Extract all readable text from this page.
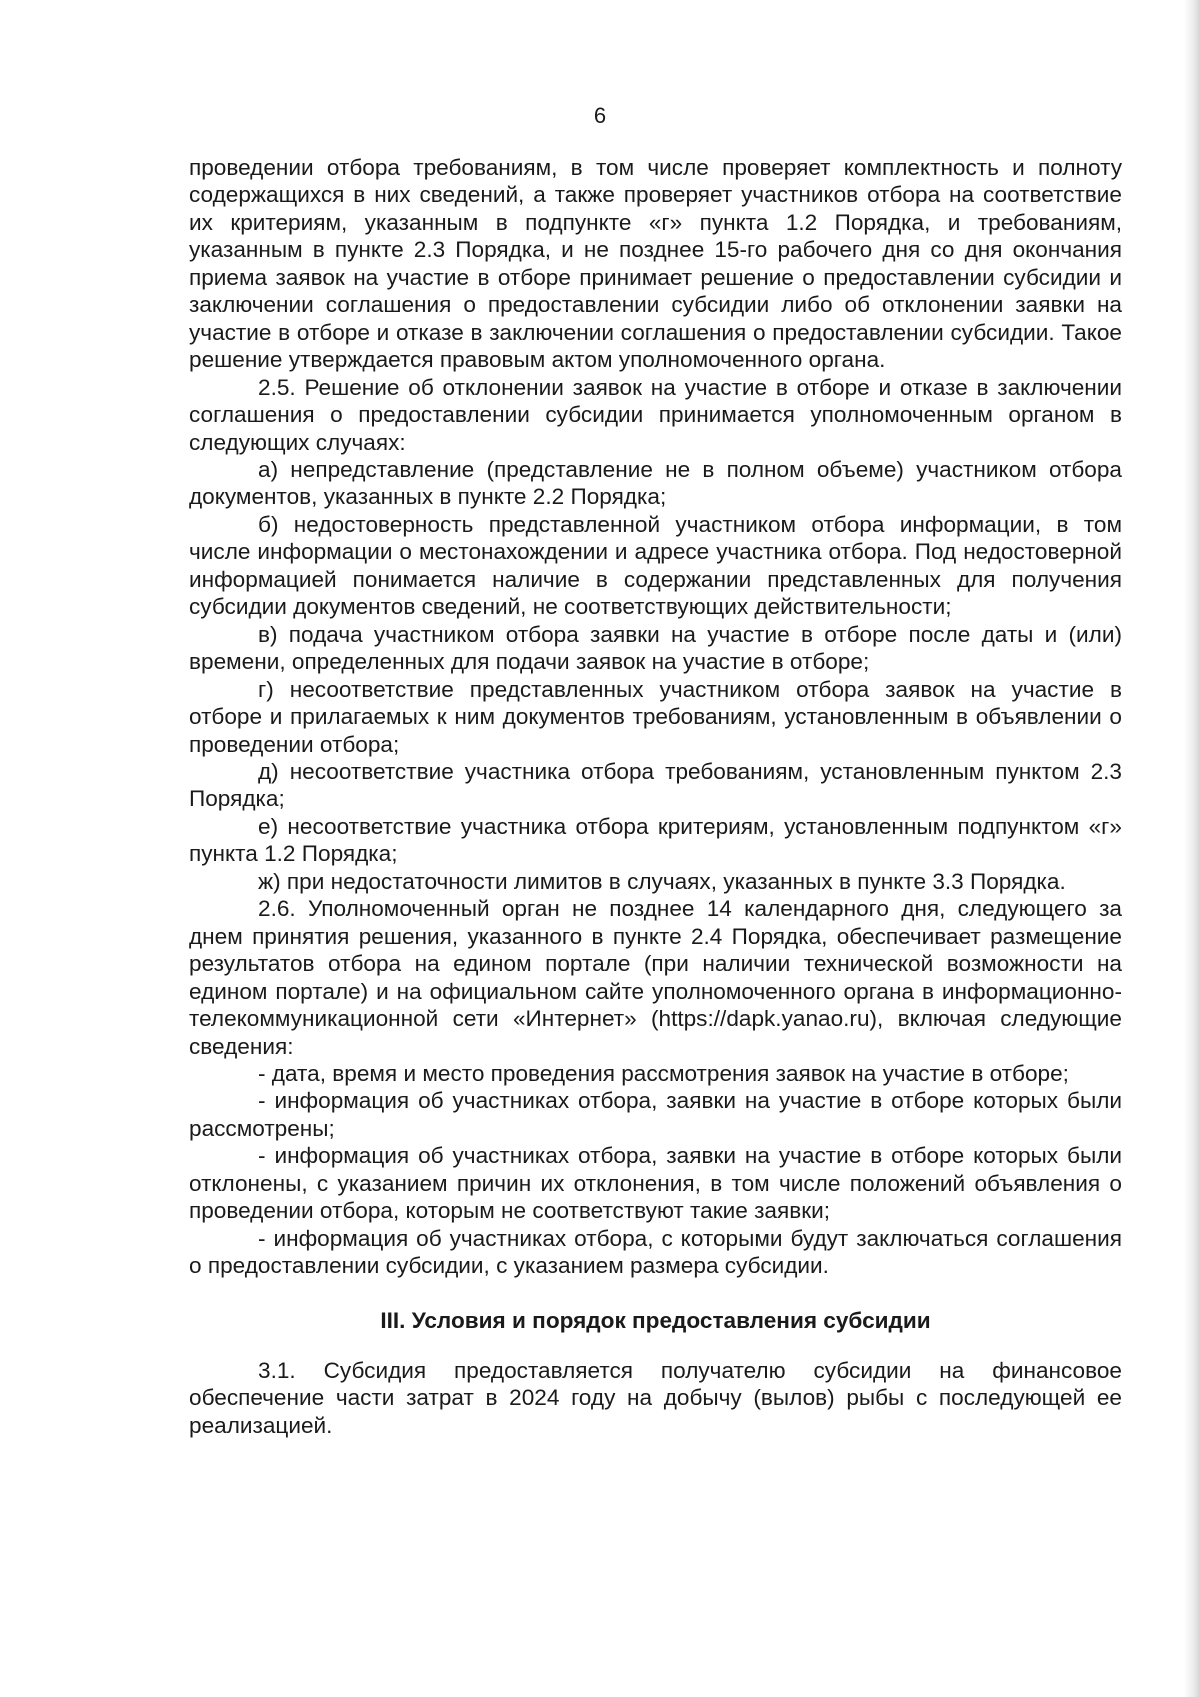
6

проведении отбора требованиям, в том числе проверяет комплектность и полноту содержащихся в них сведений, а также проверяет участников отбора на соответствие их критериям, указанным в подпункте «г» пункта 1.2 Порядка, и требованиям, указанным в пункте 2.3 Порядка, и не позднее 15-го рабочего дня со дня окончания приема заявок на участие в отборе принимает решение о предоставлении субсидии и заключении соглашения о предоставлении субсидии либо об отклонении заявки на участие в отборе и отказе в заключении соглашения о предоставлении субсидии. Такое решение утверждается правовым актом уполномоченного органа.

2.5. Решение об отклонении заявок на участие в отборе и отказе в заключении соглашения о предоставлении субсидии принимается уполномоченным органом в следующих случаях:

а) непредставление (представление не в полном объеме) участником отбора документов, указанных в пункте 2.2 Порядка;

б) недостоверность представленной участником отбора информации, в том числе информации о местонахождении и адресе участника отбора. Под недостоверной информацией понимается наличие в содержании представленных для получения субсидии документов сведений, не соответствующих действительности;

в) подача участником отбора заявки на участие в отборе после даты и (или) времени, определенных для подачи заявок на участие в отборе;

г) несоответствие представленных участником отбора заявок на участие в отборе и прилагаемых к ним документов требованиям, установленным в объявлении о проведении отбора;

д) несоответствие участника отбора требованиям, установленным пунктом 2.3 Порядка;

е) несоответствие участника отбора критериям, установленным подпунктом «г» пункта 1.2 Порядка;

ж) при недостаточности лимитов в случаях, указанных в пункте 3.3 Порядка.

2.6. Уполномоченный орган не позднее 14 календарного дня, следующего за днем принятия решения, указанного в пункте 2.4 Порядка, обеспечивает размещение результатов отбора на едином портале (при наличии технической возможности на едином портале) и на официальном сайте уполномоченного органа в информационно-телекоммуникационной сети «Интернет» (https://dapk.yanao.ru), включая следующие сведения:

- дата, время и место проведения рассмотрения заявок на участие в отборе;

- информация об участниках отбора, заявки на участие в отборе которых были рассмотрены;

- информация об участниках отбора, заявки на участие в отборе которых были отклонены, с указанием причин их отклонения, в том числе положений объявления о проведении отбора, которым не соответствуют такие заявки;

- информация об участниках отбора, с которыми будут заключаться соглашения о предоставлении субсидии, с указанием размера субсидии.

III. Условия и порядок предоставления субсидии

3.1. Субсидия предоставляется получателю субсидии на финансовое обеспечение части затрат в 2024 году на добычу (вылов) рыбы с последующей ее реализацией.
